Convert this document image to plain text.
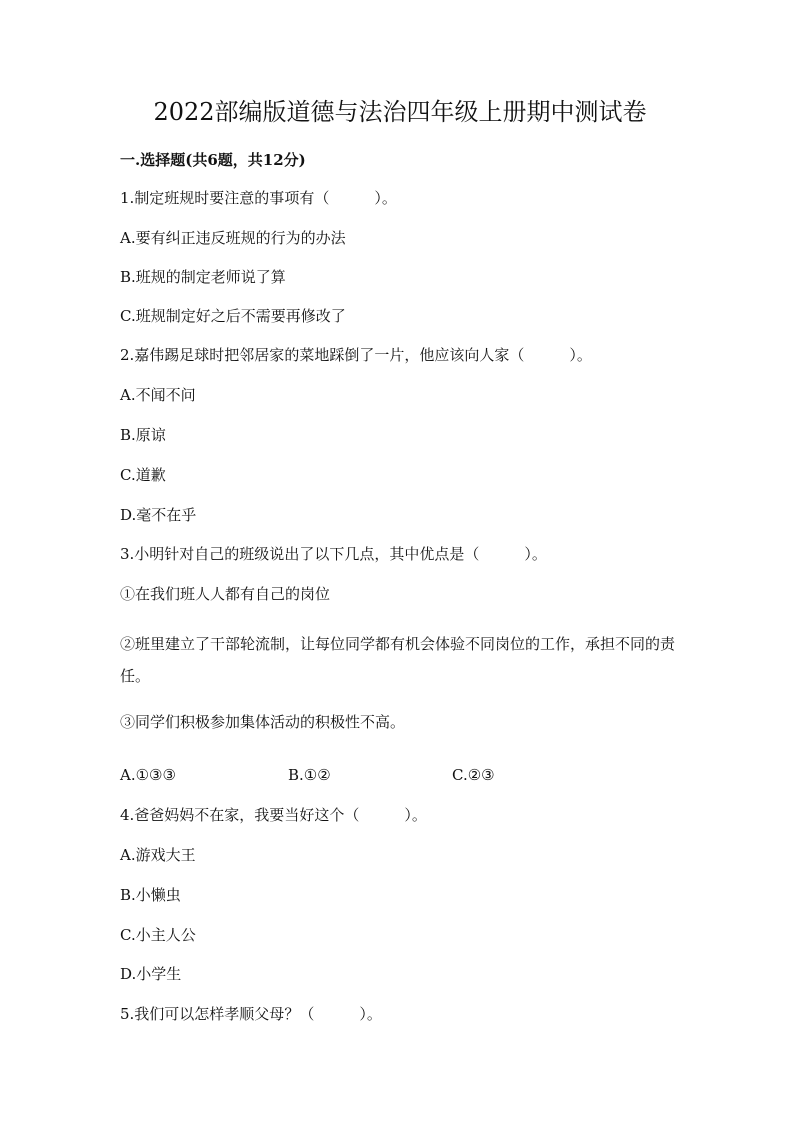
2022部编版道德与法治四年级上册期中测试卷
一.选择题(共6题，共12分)
1.制定班规时要注意的事项有（　　　）。
A.要有纠正违反班规的行为的办法
B.班规的制定老师说了算
C.班规制定好之后不需要再修改了
2.嘉伟踢足球时把邻居家的菜地踩倒了一片，他应该向人家（　　　）。
A.不闻不问
B.原谅
C.道歉
D.毫不在乎
3.小明针对自己的班级说出了以下几点，其中优点是（　　　）。
①在我们班人人都有自己的岗位
②班里建立了干部轮流制，让每位同学都有机会体验不同岗位的工作，承担不同的责任。
③同学们积极参加集体活动的积极性不高。
A.①③③	B.①②	C.②③
4.爸爸妈妈不在家，我要当好这个（　　　）。
A.游戏大王
B.小懒虫
C.小主人公
D.小学生
5.我们可以怎样孝顺父母？（　　　）。
